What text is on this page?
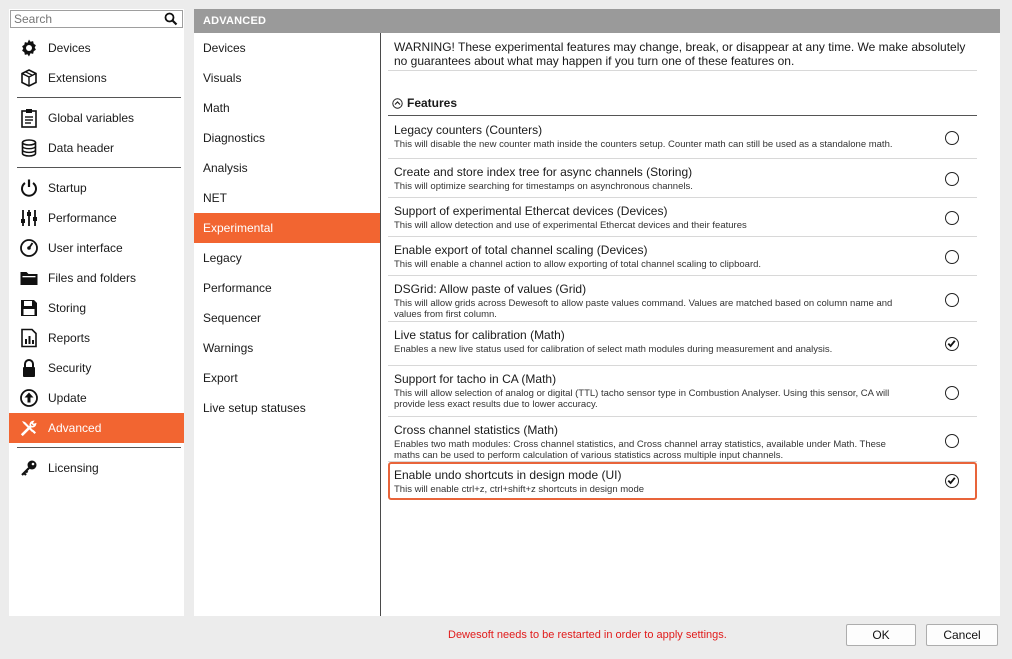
Search
Devices
Extensions
Global variables
Data header
Startup
Performance
User interface
Files and folders
Storing
Reports
Security
Update
Advanced
Licensing
ADVANCED
Devices
Visuals
Math
Diagnostics
Analysis
NET
Experimental
Legacy
Performance
Sequencer
Warnings
Export
Live setup statuses
WARNING! These experimental features may change, break, or disappear at any time. We make absolutely no guarantees about what may happen if you turn one of these features on.
Features
Legacy counters (Counters)
This will disable the new counter math inside the counters setup. Counter math can still be used as a standalone math.
Create and store index tree for async channels (Storing)
This will optimize searching for timestamps on asynchronous channels.
Support of experimental Ethercat devices (Devices)
This will allow detection and use of experimental Ethercat devices and their features
Enable export of total channel scaling (Devices)
This will enable a channel action to allow exporting of total channel scaling to clipboard.
DSGrid: Allow paste of values (Grid)
This will allow grids across Dewesoft to allow paste values command. Values are matched based on column name and values from first column.
Live status for calibration (Math)
Enables a new live status used for calibration of select math modules during measurement and analysis.
Support for tacho in CA (Math)
This will allow selection of analog or digital (TTL) tacho sensor type in Combustion Analyser. Using this sensor, CA will provide less exact results due to lower accuracy.
Cross channel statistics (Math)
Enables two math modules: Cross channel statistics, and Cross channel array statistics, available under Math. These maths can be used to perform calculation of various statistics across multiple input channels.
Enable undo shortcuts in design mode (UI)
This will enable ctrl+z, ctrl+shift+z shortcuts in design mode
Dewesoft needs to be restarted in order to apply settings.	OK	Cancel
